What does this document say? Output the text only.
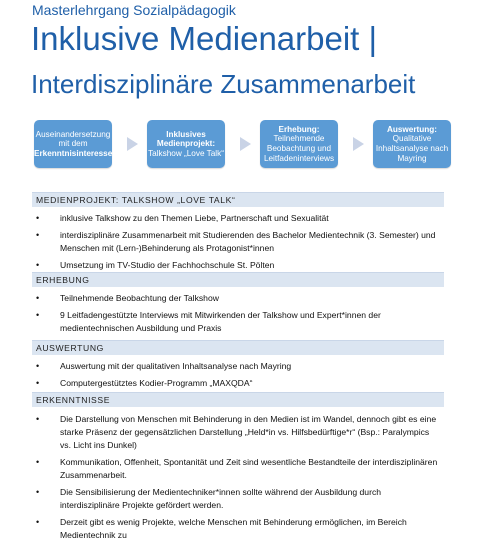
Masterlehrgang Sozialpädagogik
Inklusive Medienarbeit |
Interdisziplinäre Zusammenarbeit
Auseinandersetzung
mit dem
Erkenntnisinteresse
Inklusives
Medienprojekt:
Talkshow „Love Talk“
Erhebung:
Teilnehmende
Beobachtung und
Leitfadeninterviews
Auswertung:
Qualitative
Inhaltsanalyse nach
Mayring
MEDIENPROJEKT: TALKSHOW „LOVE TALK“
• inklusive Talkshow zu den Themen Liebe, Partnerschaft und Sexualität
• interdisziplinäre Zusammenarbeit mit Studierenden des Bachelor Medientechnik (3. Semester) und Menschen mit (Lern-)Behinderung als Protagonist*innen
• Umsetzung im TV-Studio der Fachhochschule St. Pölten
ERHEBUNG
• Teilnehmende Beobachtung der Talkshow
• 9 Leitfadengestützte Interviews mit Mitwirkenden der Talkshow und Expert*innen der medientechnischen Ausbildung und Praxis
AUSWERTUNG
• Auswertung mit der qualitativen Inhaltsanalyse nach Mayring
• Computergestütztes Kodier-Programm „MAXQDA“
ERKENNTNISSE
• Die Darstellung von Menschen mit Behinderung in den Medien ist im Wandel, dennoch gibt es eine starke Präsenz der gegensätzlichen Darstellung „Held*in vs. Hilfsbedürftige*r“ (Bsp.: Paralympics vs. Licht ins Dunkel)
• Kommunikation, Offenheit, Spontanität und Zeit sind wesentliche Bestandteile der interdisziplinären Zusammenarbeit.
• Die Sensibilisierung der Medientechniker*innen sollte während der Ausbildung durch interdisziplinäre Projekte gefördert werden.
• Derzeit gibt es wenig Projekte, welche Menschen mit Behinderung ermöglichen, im Bereich Medientechnik zu
